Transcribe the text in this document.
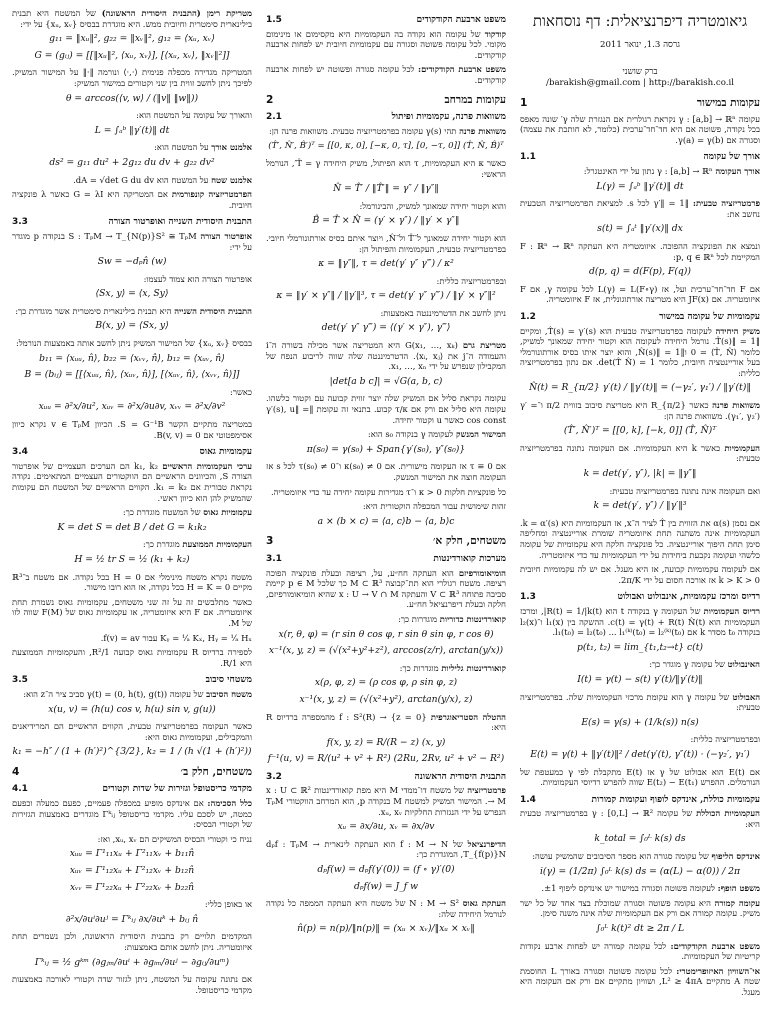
גיאומטריה דיפרנציאלית: דף נוסחאות
גרסה 1.3, ינואר 2011
ברק שושני
barakish@gmail.com | http://barakish.co.il/
עקומות במישור
1
עקומה γ : [a,b] → ℝⁿ נקראת רגולרית אם הנגזרת שלה γ′ שונה מאפס בכל נקודה, פשוטה אם היא חד־חד־ערכית (כלומר, לא חותכת את עצמה) וסגורה אם γ(a) = γ(b).
אורך של עקומה
1.1
אורך העקומה γ : [a,b] → ℝⁿ נתון על ידי האינטגרל:
L(γ) = ∫ₐᵇ ‖γ′(t)‖ dt
פרמטריזציה טבעית: ‖γ′‖ = 1 לכל s. למציאת הפרמטריזציה הטבעית נחשב את:
s(t) = ∫ₐᵗ ‖γ′(x)‖ dx
ונמצא את הפונקציה ההפוכה. איזומטריה היא העתקה F : ℝⁿ → ℝⁿ המקיימת לכל p, q ∈ ℝⁿ:
d(p, q) = d(F(p), F(q))
אם F חד־חד־ערכית ועל, אז L(γ) = L(F∘γ) לכל עקומה γ, אם F איזומטריה. אם JF(x) היא מטריצה אורתוגונלית, אז F איזומטריה.
עקמומיות של עקומה במישור
1.2
משיק היחידה לעקומה בפרמטריזציה טבעית הוא T̂(s) = γ′(s), ומקיים ‖T̂(s)‖ = 1. נורמל היחידה לעקומה הוא וקטור יחידה שמאונך למשיק, כלומר ⟨T̂, N̂⟩ = 0 ו‖N̂(s)‖ = 1, והוא יוצר איתו בסיס אורתונורמלי בעל אוריינטציה חיובית, כלומר det(T̂ N̂) = 1. אם נתון בפרמטריזציה כללית:
N̂(t) = R_{π/2} γ′(t) / ‖γ′(t)‖ = (−γ₂′, γ₁′) / ‖γ′(t)‖
משוואות פרנה כאשר R_{π/2} היא מטריצת סיבוב בזווית π/2 ו־γ′ = (γ₁′, γ₂′). משוואות פרנה הן:
(T̂′, N̂′)ᵀ = [[0, k], [−k, 0]] (T̂, N̂)ᵀ
העקמומיות כאשר k היא העקמומיות. אם העקומה נתונה בפרמטריזציה טבעית:
k = det(γ′, γ″), |k| = ‖γ″‖
ואם העקומה אינה נתונה בפרמטריזציה טבעית:
k = det(γ′, γ″) / ‖γ′‖³
אם נסמן α(s) את הזווית בין T̂ לציר ה־x, אז העקמומיות היא k = α′(s). העקמומיות אינה משתנה תחת איזומטריה שומרת אוריינטציה ומחליפה סימן תחת היפוך אוריינטציה. כל פונקציה חלקה היא עקמומיות של עקומה כלשהי ועקומה נקבעת ביחידות על ידי העקמומיות עד כדי איזומטריה.
אם לעקומה עקמומיות קבועה, אז היא מעגל. אם יש לה עקמומיות חיובית k > K > 0 אז אורכה חסום על ידי 2π/K.
רדיוס ומרכז עקמומיות, אינבולוט ואבולוט
1.3
רדיוס העקמומיות של העקומה γ בנקודה t הוא R(t) = 1/|k(t)|, ומרכז העקמומיות הוא c(t) = γ(t) + R(t) N̂(t). ההשקה בין l₁(x) ו־l₂(x) בנקודה t₀ מסדר k אם l₁(t₀) = l₂(t₀) ... l₁⁽ᵏ⁾(t₀) = l₂⁽ᵏ⁾(t₀).
p(t₁, t₂) = lim_{t₁,t₂→t} c(t)
האינבולוט של עקומה γ מוגדר כך:
I(t) = γ(t) − s(t) γ′(t)/‖γ′(t)‖
האבולוט של עקומה γ הוא עקומת מרכזי העקמומיות שלה. בפרמטריזציה טבעית:
E(s) = γ(s) + (1/k(s)) n(s)
ובפרמטריזציה כללית:
E(t) = γ(t) + ‖γ′(t)‖² / det(γ′(t), γ″(t)) · (−γ₂′, γ₁′)
אם E(t) הוא אבולוט של γ אז E(t) מתקבלת לפי γ כמעטפת של הנורמלים. ההפרש E(t₂) − E(t₁) שווה להפרש רדיוסי העקמומיות.
עקמומיות כוללת, אינדקס לופוף ועקומות קמורות
1.4
העקמומיות הכוללת של עקומה γ : [0,L] → ℝ² בפרמטריזציה טבעית היא:
k_total = ∫₀ᴸ k(s) ds
אינדקס הליפוף של עקומה סגורה הוא מספר הסיבובים שהמשיק עושה:
i(γ) = (1/2π) ∫₀ᴸ k(s) ds = (α(L) − α(0)) / 2π
משפט הופף: לעקומה פשוטה וסגורה במישור יש אינדקס ליפוף ±1.
עקומה קמורה היא עקומה פשוטה וסגורה שמוכלת בצד אחד של כל ישר משיק. עקומה קמורה אם ורק אם העקמומיות שלה אינה משנה סימן.
∫₀ᴸ k(t)² dt ≥ 2π / L
משפט ארבעת הקודקודים: לכל עקומה קמורה יש לפחות ארבע נקודות קריטיות של העקמומיות.
אי־השוויון האיזופרימטרי: לכל עקומה פשוטה וסגורה באורך L החוסמת שטח A מתקיים L² ≥ 4πA, ושוויון מתקיים אם ורק אם העקומה היא מעגל.
משפט ארבעת הקודקודים
1.5
קודקוד של עקומה הוא נקודה בה העקמומיות היא מקסימום או מינימום מקומי. לכל עקומה פשוטה וסגורה עם עקמומיות חיובית יש לפחות ארבעה קודקודים.
משפט ארבעת הקודקודים: לכל עקומה סגורה ופשוטה יש לפחות ארבעה קודקודים.
עקומות במרחב
2
משוואות פרנה, עקמומיות ופיתול
2.1
משוואות פרנה תהי γ(s) עקומה בפרמטריזציה טבעית. משוואות פרנה הן:
(T̂′, N̂′, B̂′)ᵀ = [[0, κ, 0], [−κ, 0, τ], [0, −τ, 0]] (T̂, N̂, B̂)ᵀ
כאשר κ היא העקמומיות, τ הוא הפיתול, משיק היחידה T̂ = γ′, הנורמל הראשי:
N̂ = T̂′ / ‖T̂′‖ = γ″ / ‖γ″‖
והוא וקטור יחידה שמאונך למשיק, והבינורמל:
B̂ = T̂ × N̂ = (γ′ × γ″) / ‖γ′ × γ″‖
הוא וקטור יחידה שמאונך ל־T̂ ול־N̂, ויוצר איתם בסיס אורתונורמלי חיובי. בפרמטריזציה טבעית, העקמומיות והפיתול הן:
κ = ‖γ″‖, τ = det(γ′ γ″ γ‴) / κ²
ובפרמטריזציה כללית:
κ = ‖γ′ × γ″‖ / ‖γ′‖³, τ = det(γ′ γ″ γ‴) / ‖γ′ × γ″‖²
ניתן לחשב את הדטרמיננטה באמצעות:
det(γ′ γ″ γ‴) = ⟨(γ′ × γ″), γ‴⟩
מטריצת גרם G(x₁, …, xₖ) היא המטריצה אשר מכילה בשורה ה־i והעמודה ה־j את ⟨xᵢ, xⱼ⟩. הדטרמיננטה שלה שווה לריבוע הנפח של המקבילון שנפרש על ידי x₁, …, xₙ.
|det[a b c]| = √G(a, b, c)
עקומה נקראת סליל אם המשיק שלה יוצר זווית קבועה עם וקטור כלשהו. עקומה היא סליל אם ורק אם τ/κ קבוע. בתנאי זה עקומת ‖γ′(s), u‖ = cos const כאשר u וקטור יחידה.
המישור המנשק לעקומה γ בנקודה s₀ הוא:
π(s₀) = γ(s₀) + Span{γ′(s₀), γ″(s₀)}
אם τ ≡ 0 אז העקומה מישורית. אם κ(s₀) ≠ 0 ו־τ(s₀) ≠ 0 לכל s אז העקומה חוצה את המישור המנשק.
כל פונקציות חלקות κ > 0 ו־τ מגדירות עקומה יחידה עד כדי איזומטריה.
זהות שימושית עבור המכפלה הוקטורית היא:
a × (b × c) = ⟨a, c⟩b − ⟨a, b⟩c
משטחים, חלק א׳
3
מערכות קואורדינטות
3.1
הומיאומורפיזם הוא העתקה חח״ע, על, רציפה ובעלת פונקציה הפוכה רציפה. משטח רגולרי הוא תת־קבוצה M ⊂ ℝ³ כך שלכל p ∈ M קיימת סביבה פתוחה V ⊂ ℝ³ והעתקה x : U → V ∩ M שהיא הומיאומורפיזם, חלקה ובעלת דיפרנציאל חח״ע.
קואורדינטות כדוריות מוגדרות כך:
x(r, θ, φ) = (r sin θ cos φ, r sin θ sin φ, r cos θ)
x⁻¹(x, y, z) = (√(x²+y²+z²), arccos(z/r), arctan(y/x))
קואורדינטות גליליות מוגדרות כך:
x(ρ, φ, z) = (ρ cos φ, ρ sin φ, z)
x⁻¹(x, y, z) = (√(x²+y²), arctan(y/x), z)
ההטלה הסטריאוגרפית f : S²(R) → {z = 0} מהמספרה ברדיוס R היא:
f(x, y, z) = R/(R − z) (x, y)
f⁻¹(u, v) = R/(u² + v² + R²) (2Ru, 2Rv, u² + v² − R²)
התבנית היסודית הראשונה
3.2
פרמטריזציה של משטח דו־ממדי M היא מפת קואורדינטות x : U ⊂ ℝ² → M. המישור המשיק למשטח M בנקודה p, הוא המרחב הווקטורי TₚM הנפרש על ידי הנגזרות החלקיות xᵤ, xᵥ.
xᵤ = ∂x/∂u, xᵥ = ∂x/∂v
הדיפרנציאל של f : M → N הוא העתקה לינארית dₚf : TₚM → T_{f(p)}N, המוגדרת כך:
dₚf(w) = dₚf(γ′(0)) = (f ∘ γ)′(0)
dₚf(w) = J_f w
העתקת גאוס N : M → S² של משטח היא העתקה הממפה כל נקודה לנורמל היחידה שלה:
n̂(p) = n(p)/‖n(p)‖ = (xᵤ × xᵥ)/‖xᵤ × xᵥ‖
מטריקת רימן (התבנית היסודית הראשונה) של המשטח היא תבנית בילינארית סימטרית וחיובית ממש. היא מוגדרת בבסיס {xᵤ, xᵥ} על ידי:
g₁₁ = ‖xᵤ‖², g₂₂ = ‖xᵥ‖², g₁₂ = ⟨xᵤ, xᵥ⟩
G = (gᵢⱼ) = [[‖xᵤ‖², ⟨xᵤ, xᵥ⟩], [⟨xᵤ, xᵥ⟩, ‖xᵥ‖²]]
המטריקה מגדירה מכפלה פנימית ⟨·,·⟩ ונורמה ‖·‖ על המישור המשיק. לפיכך ניתן לחשב זווית בין שני וקטורים במישור המשיק:
θ = arccos(⟨v, w⟩ / (‖v‖ ‖w‖))
והאורך של עקומה על המשטח הוא:
L = ∫ₐᵇ ‖γ′(t)‖ dt
אלמנט אורך על המשטח הוא:
ds² = g₁₁ du² + 2g₁₂ du dv + g₂₂ dv²
אלמנט שטח על המשטח הוא dA = √det G du dv.
הפרמטריזציה קונפורמית אם המטריקה היא G = λI כאשר λ פונקציה חיובית.
התבנית היסודית השנייה ואופרטור הצורה
3.3
אופרטור הצורה S : TₚM → T_{N(p)}S² ≅ TₚM בנקודה p מוגדר על ידי:
Sw = −dₚn̂ (w)
אופרטור הצורה הוא צמוד לעצמו:
⟨Sx, y⟩ = ⟨x, Sy⟩
התבנית היסודית השנייה היא תבנית בילינארית סימטרית אשר מוגדרת כך:
B(x, y) = ⟨Sx, y⟩
בבסיס {xᵤ, xᵥ} של המישור המשיק ניתן לחשב אותה באמצעות הנורמל:
b₁₁ = ⟨xᵤᵤ, n̂⟩, b₂₂ = ⟨xᵥᵥ, n̂⟩, b₁₂ = ⟨xᵤᵥ, n̂⟩
B = (bᵢⱼ) = [[⟨xᵤᵤ, n̂⟩, ⟨xᵤᵥ, n̂⟩], [⟨xᵤᵥ, n̂⟩, ⟨xᵥᵥ, n̂⟩]]
כאשר:
xᵤᵤ = ∂²x/∂u², xᵤᵥ = ∂²x/∂u∂v, xᵥᵥ = ∂²x/∂v²
במטריצה מתקיים הקשר S = G⁻¹B. הכיוון v ∈ TₚM נקרא כיוון אסימפטוטי אם B(v, v) = 0.
עקמומיות גאוס
3.4
ערכי העקמומיות הראשיים k₁, k₂ הם הערכים העצמיים של אופרטור הצורה S, והכיוונים הראשיים הם הווקטורים העצמיים המתאימים. נקודה נקראת טבורית אם k₁ = k₂. הקווים הראשיים של המשטח הם עקומות שהמשיק להן הוא כיוון ראשי.
עקמומיות גאוס של המשטח מוגדרת כך:
K = det S = det B / det G = k₁k₂
העקמומיות הממוצעת מוגדרת כך:
H = ½ tr S = ½ (k₁ + k₂)
משטח נקרא משטח מינימלי אם H = 0 בכל נקודה. אם משטח ב־ℝ³ מקיים H = K = 0 בכל נקודה, אז הוא רובו מישור.
כאשר מתלבשים זה על זה שני משטחים, עקמומיות גאוס נשמרת תחת איזומטריה. אם F היא איזומטריה, אז עקמומיות גאוס של F(M) שווה לזו של M.
Kᵧ = ⅟ₐ Kₓ, Hᵧ = ⅟ₐ Hₓ עבור f(v) = av.
לספירה ברדיוס R עקמומיות גאוס קבועה 1/R², והעקמומיות הממוצעת היא 1/R.
משטחי סיבוב
3.5
משטח הסיבוב של עקומה γ(t) = (0, h(t), g(t)) סביב ציר ה־z הוא:
x(u, v) = (h(u) cos v, h(u) sin v, g(u))
כאשר העקומה בפרמטריזציה טבעית, הקווים הראשיים הם המרידיאנים והמקבילים, ועקמומיות גאוס היא:
k₁ = −h″ / (1 + (h′)²)^{3/2}, k₂ = 1 / (h √(1 + (h′)²))
משטחים, חלק ב׳
4
מקדמי כריסטופל וגזירות של שדות וקטורים
4.1
כלל הסכימה: אם אינדקס מופיע במכפלה פעמיים, כפעם כמעלה וכפעם כמטה, יש לסכם עליו. מקדמי כריסטופל Γᵏᵢⱼ מוגדרים באמצעות הגזירות של וקטורי הבסיס:
נניח כי וקטורי הבסיס המשיקים הם xᵤ, xᵥ, ואז:
xᵤᵤ = Γ¹₁₁xᵤ + Γ²₁₁xᵥ + b₁₁n̂
xᵤᵥ = Γ¹₁₂xᵤ + Γ²₁₂xᵥ + b₁₂n̂
xᵥᵥ = Γ¹₂₂xᵤ + Γ²₂₂xᵥ + b₂₂n̂
או באופן כללי:
∂²x/∂uⁱ∂uʲ = Γᵏᵢⱼ ∂x/∂uᵏ + bᵢⱼ n̂
המקדמים תלויים רק בתבנית היסודית הראשונה, ולכן נשמרים תחת איזומטריה. ניתן לחשב אותם באמצעות:
Γᵏᵢⱼ = ½ gᵏᵐ (∂gⱼₘ/∂uⁱ + ∂gᵢₘ/∂uʲ − ∂gᵢⱼ/∂uᵐ)
אם נתונה עקומה על המשטח, ניתן לגזור שדה וקטורי לאורכה באמצעות מקדמי כריסטופל.
